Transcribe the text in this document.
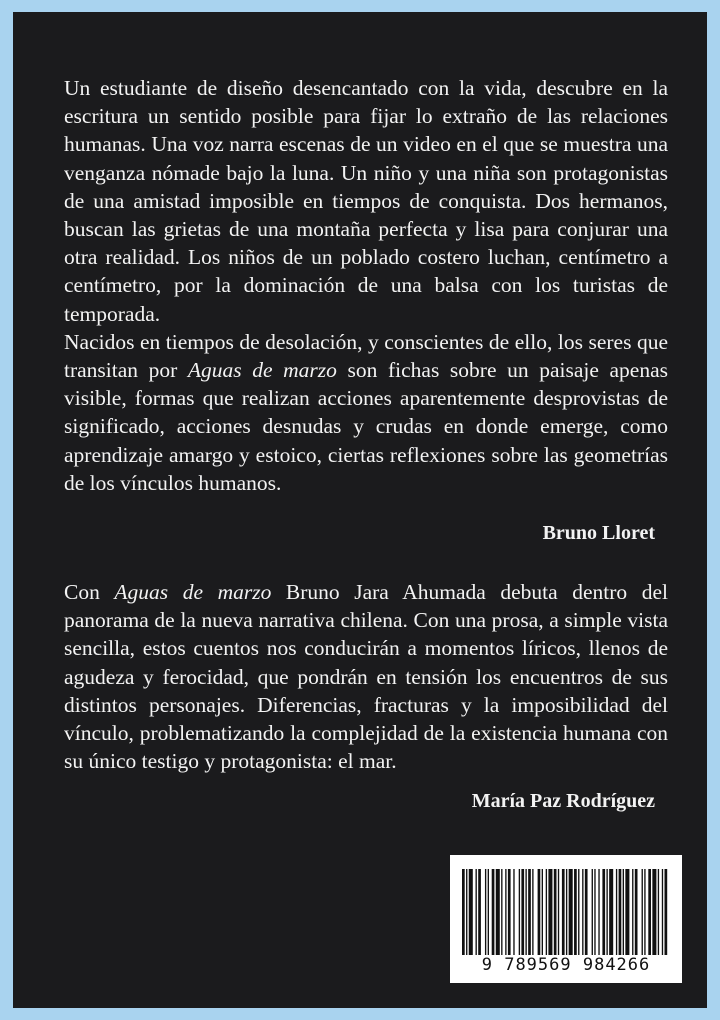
Un estudiante de diseño desencantado con la vida, descubre en la escritura un sentido posible para fijar lo extraño de las relaciones humanas. Una voz narra escenas de un video en el que se muestra una venganza nómade bajo la luna. Un niño y una niña son protagonistas de una amistad imposible en tiempos de conquista. Dos hermanos, buscan las grietas de una montaña perfecta y lisa para conjurar una otra realidad. Los niños de un poblado costero luchan, centímetro a centímetro, por la dominación de una balsa con los turistas de temporada.

Nacidos en tiempos de desolación, y conscientes de ello, los seres que transitan por Aguas de marzo son fichas sobre un paisaje apenas visible, formas que realizan acciones aparentemente desprovistas de significado, acciones desnudas y crudas en donde emerge, como aprendizaje amargo y estoico, ciertas reflexiones sobre las geometrías de los vínculos humanos.

Bruno Lloret

Con Aguas de marzo Bruno Jara Ahumada debuta dentro del panorama de la nueva narrativa chilena. Con una prosa, a simple vista sencilla, estos cuentos nos conducirán a momentos líricos, llenos de agudeza y ferocidad, que pondrán en tensión los encuentros de sus distintos personajes. Diferencias, fracturas y la imposibilidad del vínculo, problematizando la complejidad de la existencia humana con su único testigo y protagonista: el mar.

María Paz Rodríguez
9 789569 984266
